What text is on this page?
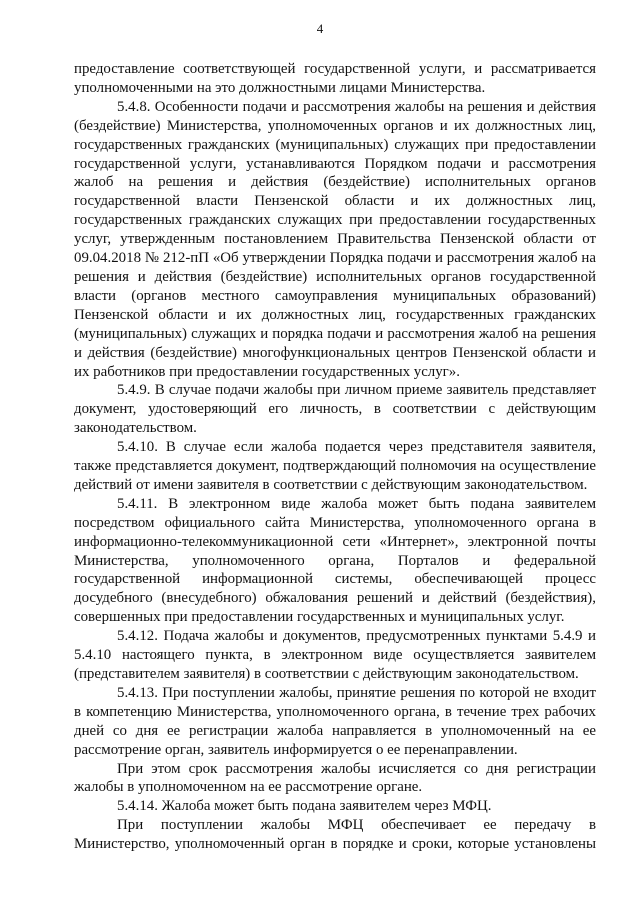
4

предоставление соответствующей государственной услуги, и рассматривается уполномоченными на это должностными лицами Министерства.

5.4.8. Особенности подачи и рассмотрения жалобы на решения и действия (бездействие) Министерства, уполномоченных органов и их должностных лиц, государственных гражданских (муниципальных) служащих при предоставлении государственной услуги, устанавливаются Порядком подачи и рассмотрения жалоб на решения и действия (бездействие) исполнительных органов государственной власти Пензенской области и их должностных лиц, государственных гражданских служащих при предоставлении государственных услуг, утвержденным постановлением Правительства Пензенской области от 09.04.2018 № 212-пП «Об утверждении Порядка подачи и рассмотрения жалоб на решения и действия (бездействие) исполнительных органов государственной власти (органов местного самоуправления муниципальных образований) Пензенской области и их должностных лиц, государственных гражданских (муниципальных) служащих и порядка подачи и рассмотрения жалоб на решения и действия (бездействие) многофункциональных центров Пензенской области и их работников при предоставлении государственных услуг».

5.4.9. В случае подачи жалобы при личном приеме заявитель представляет документ, удостоверяющий его личность, в соответствии с действующим законодательством.

5.4.10. В случае если жалоба подается через представителя заявителя, также представляется документ, подтверждающий полномочия на осуществление действий от имени заявителя в соответствии с действующим законодательством.

5.4.11. В электронном виде жалоба может быть подана заявителем посредством официального сайта Министерства, уполномоченного органа в информационно-телекоммуникационной сети «Интернет», электронной почты Министерства, уполномоченного органа, Порталов и федеральной государственной информационной системы, обеспечивающей процесс досудебного (внесудебного) обжалования решений и действий (бездействия), совершенных при предоставлении государственных и муниципальных услуг.

5.4.12. Подача жалобы и документов, предусмотренных пунктами 5.4.9 и 5.4.10 настоящего пункта, в электронном виде осуществляется заявителем (представителем заявителя) в соответствии с действующим законодательством.

5.4.13. При поступлении жалобы, принятие решения по которой не входит в компетенцию Министерства, уполномоченного органа, в течение трех рабочих дней со дня ее регистрации жалоба направляется в уполномоченный на ее рассмотрение орган, заявитель информируется о ее перенаправлении.

При этом срок рассмотрения жалобы исчисляется со дня регистрации жалобы в уполномоченном на ее рассмотрение органе.

5.4.14. Жалоба может быть подана заявителем через МФЦ.

При поступлении жалобы МФЦ обеспечивает ее передачу в Министерство, уполномоченный орган в порядке и сроки, которые установлены
